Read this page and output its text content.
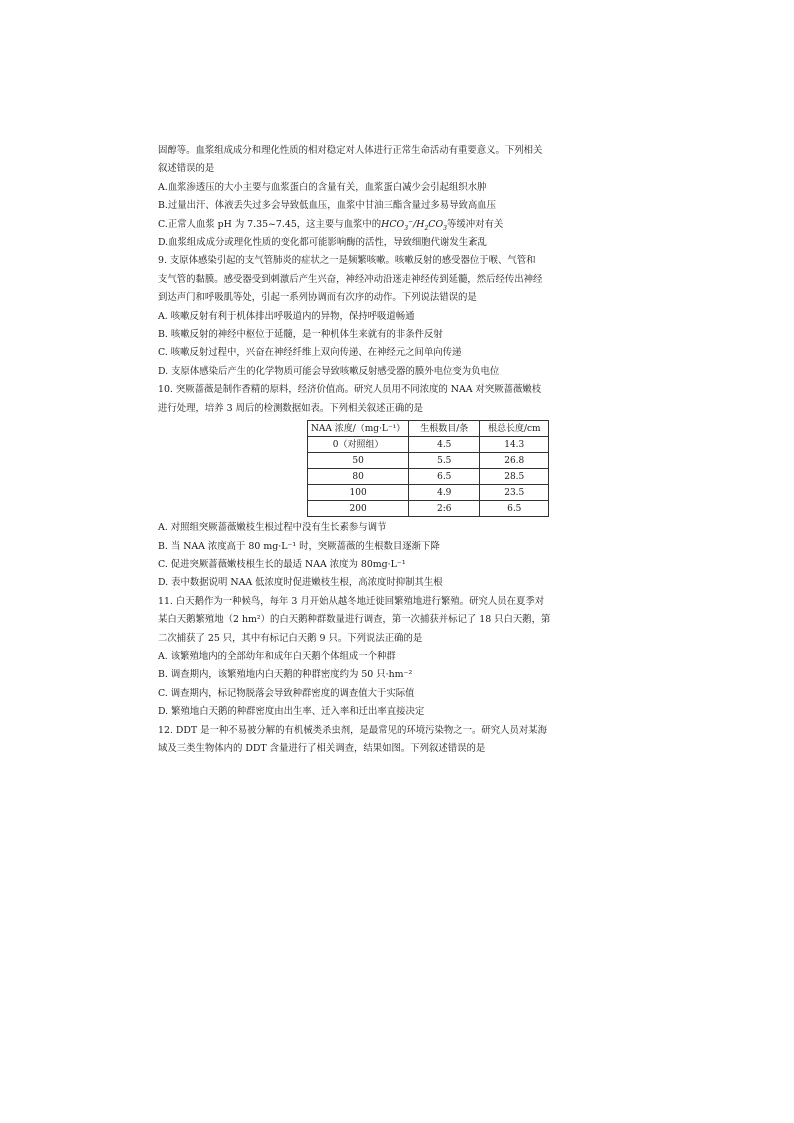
固醇等。血浆组成成分和理化性质的相对稳定对人体进行正常生命活动有重要意义。下列相关
叙述错误的是
A.血浆渗透压的大小主要与血浆蛋白的含量有关，血浆蛋白减少会引起组织水肿
B.过量出汗、体液丢失过多会导致低血压，血浆中甘油三酯含量过多易导致高血压
C.正常人血浆 pH 为 7.35~7.45，这主要与血浆中的$HCO_3^-/H_2CO_3$等缓冲对有关
D.血浆组成成分或理化性质的变化都可能影响酶的活性，导致细胞代谢发生紊乱
9. 支原体感染引起的支气管肺炎的症状之一是频繁咳嗽。咳嗽反射的感受器位于喉、气管和
支气管的黏膜。感受器受到刺激后产生兴奋，神经冲动沿迷走神经传到延髓，然后经传出神经
到达声门和呼吸肌等处，引起一系列协调而有次序的动作。下列说法错误的是
A. 咳嗽反射有利于机体排出呼吸道内的异物，保持呼吸道畅通
B. 咳嗽反射的神经中枢位于延髓，是一种机体生来就有的非条件反射
C. 咳嗽反射过程中，兴奋在神经纤维上双向传递、在神经元之间单向传递
D. 支原体感染后产生的化学物质可能会导致咳嗽反射感受器的膜外电位变为负电位
10. 突厥蔷薇是制作香精的原料，经济价值高。研究人员用不同浓度的 NAA 对突厥蔷薇嫩枝
进行处理，培养 3 周后的检测数据如表。下列相关叙述正确的是
NAA 浓度/（mg·L⁻¹）	生根数目/条	根总长度/cm
0（对照组）	4.5	14.3
50	5.5	26.8
80	6.5	28.5
100	4.9	23.5
200	2:6	6.5
A. 对照组突厥蔷薇嫩枝生根过程中没有生长素参与调节
B. 当 NAA 浓度高于 80 mg·L⁻¹ 时，突厥蔷薇的生根数目逐渐下降
C. 促进突厥蔷薇嫩枝根生长的最适 NAA 浓度为 80mg·L⁻¹
D. 表中数据说明 NAA 低浓度时促进嫩枝生根，高浓度时抑制其生根
11. 白天鹅作为一种候鸟，每年 3 月开始从越冬地迁徙回繁殖地进行繁殖。研究人员在夏季对
某白天鹅繁殖地（2 hm²）的白天鹅种群数量进行调查，第一次捕获并标记了 18 只白天鹅，第
二次捕获了 25 只，其中有标记白天鹅 9 只。下列说法正确的是
A. 该繁殖地内的全部幼年和成年白天鹅个体组成一个种群
B. 调查期内，该繁殖地内白天鹅的种群密度约为 50 只·hm⁻²
C. 调查期内，标记物脱落会导致种群密度的调查值大于实际值
D. 繁殖地白天鹅的种群密度由出生率、迁入率和迁出率直接决定
12. DDT 是一种不易被分解的有机械类杀虫剂，是最常见的环境污染物之一。研究人员对某海
域及三类生物体内的 DDT 含量进行了相关调查，结果如图。下列叙述错误的是
